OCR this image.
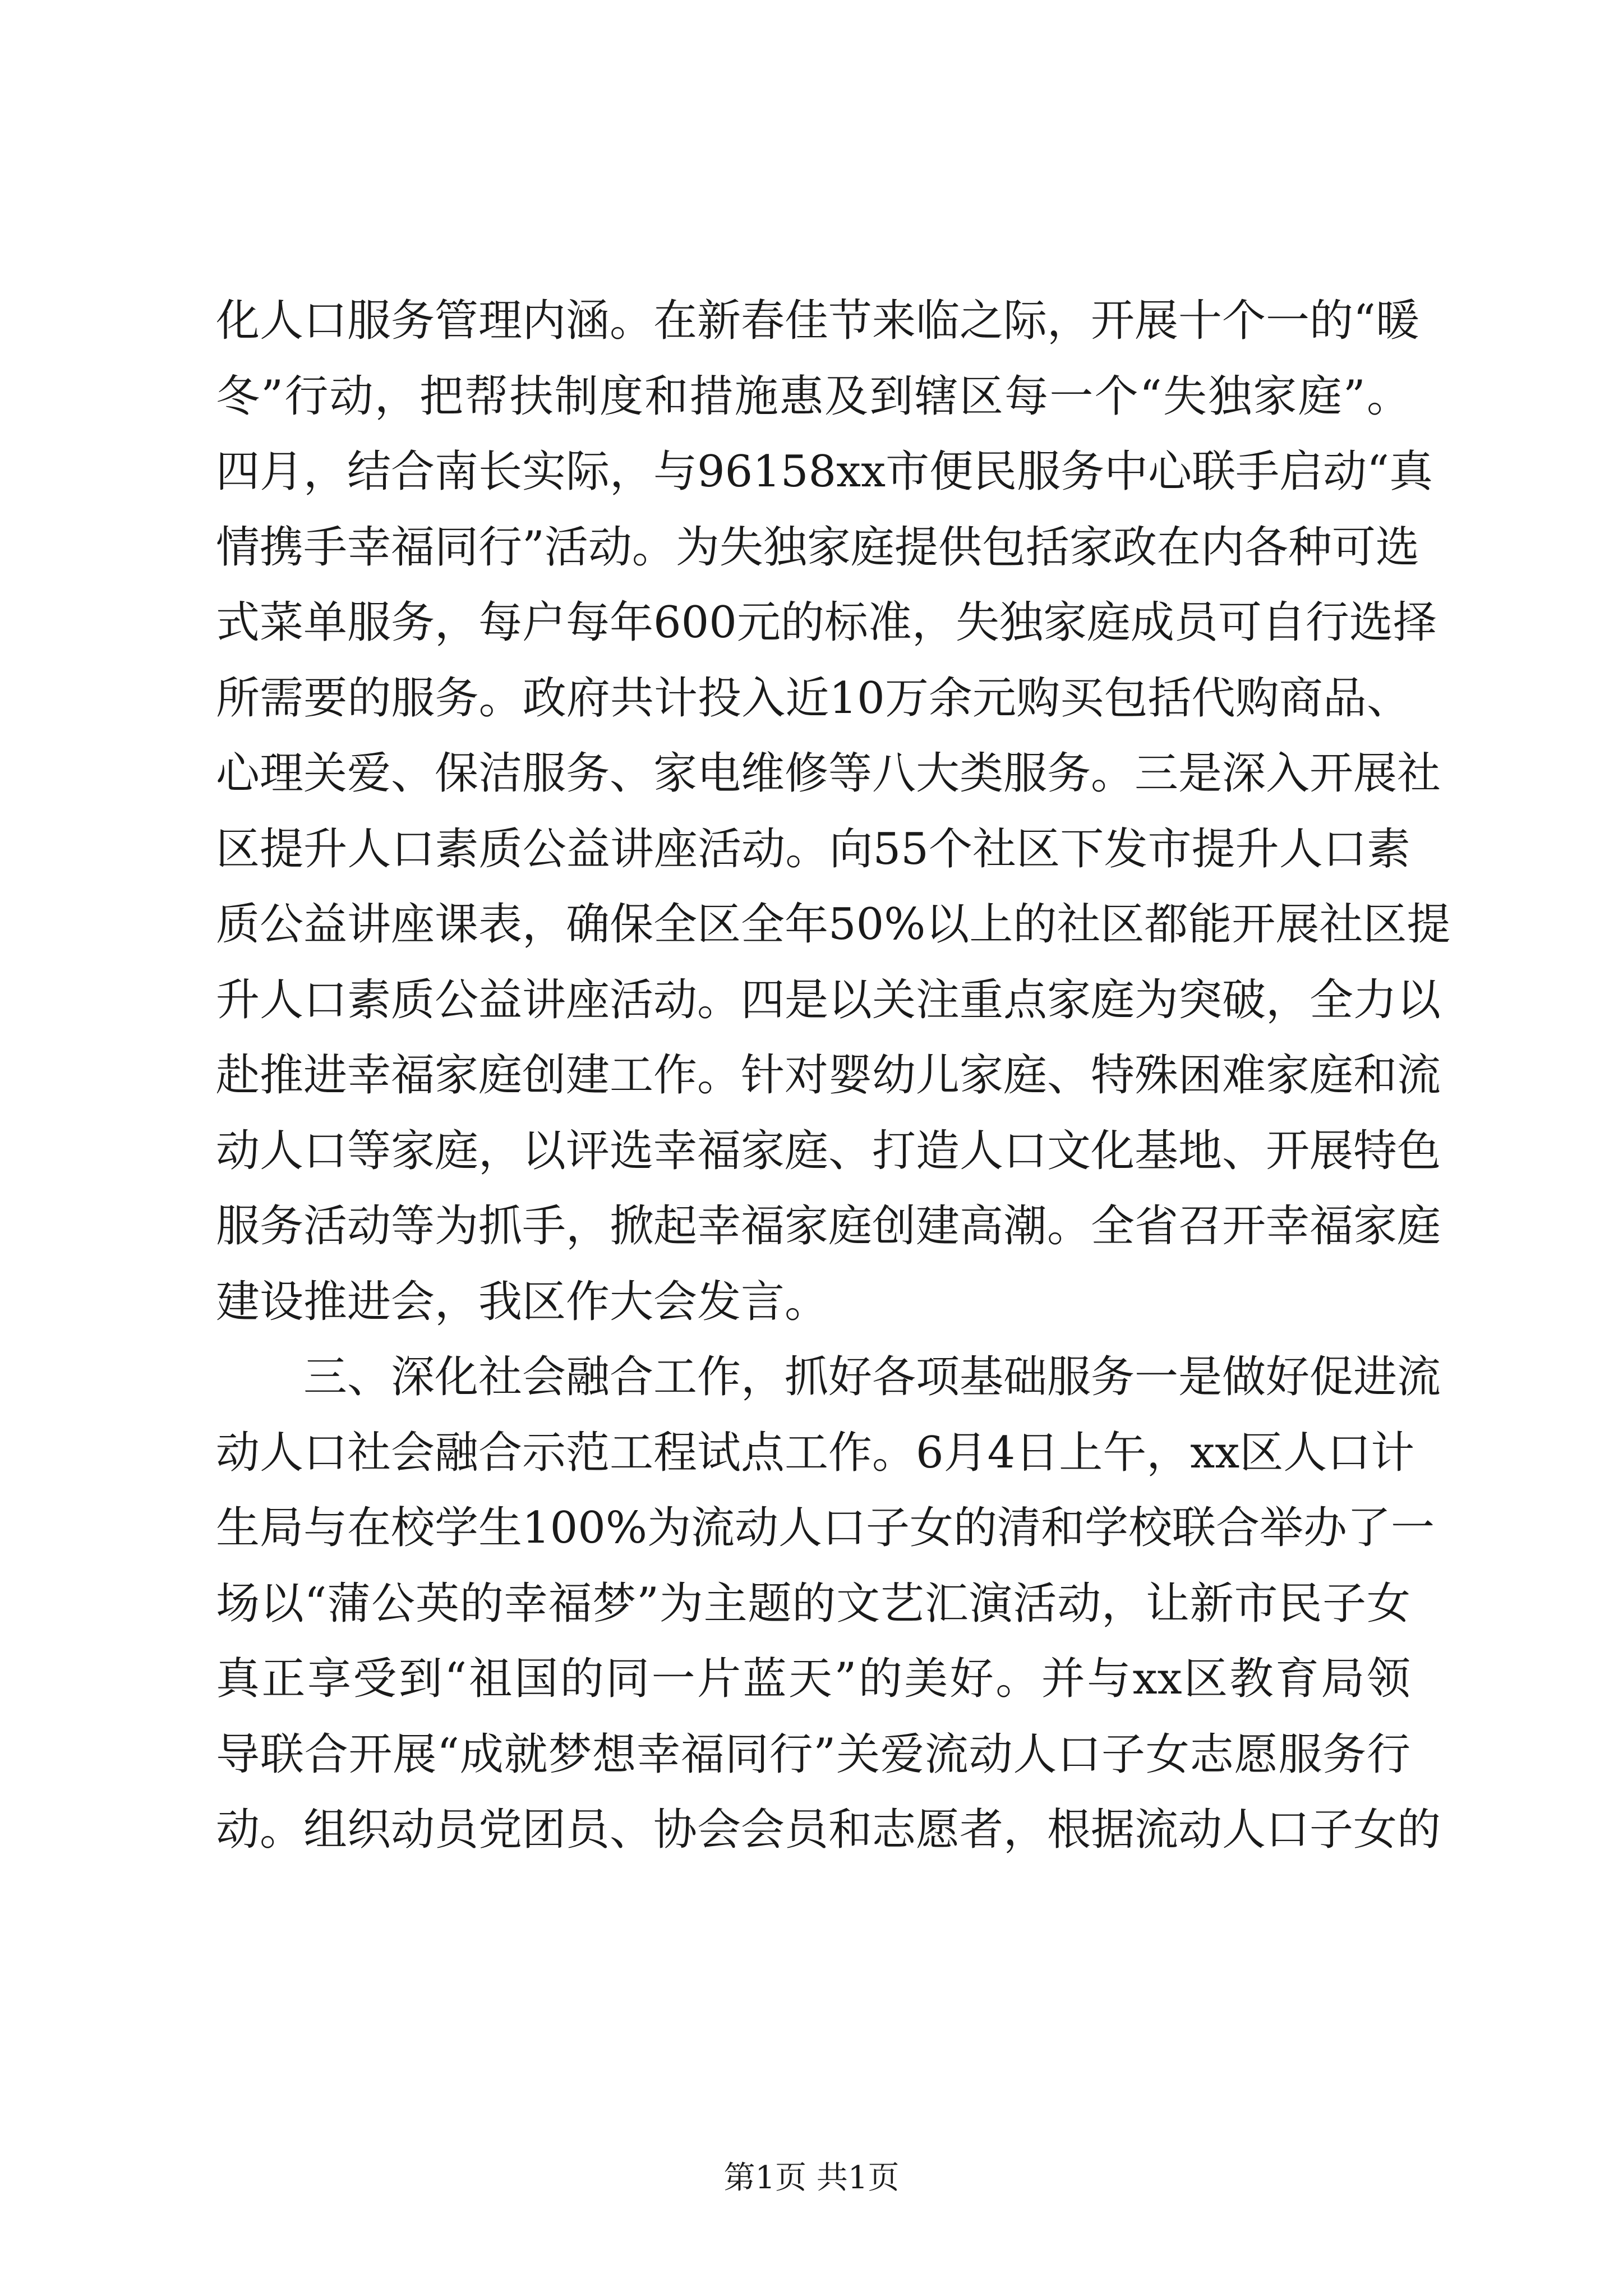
化人口服务管理内涵。在新春佳节来临之际，开展十个一的“暖
冬”行动，把帮扶制度和措施惠及到辖区每一个“失独家庭”。
四月，结合南长实际，与96158xx市便民服务中心联手启动“真
情携手幸福同行”活动。为失独家庭提供包括家政在内各种可选
式菜单服务，每户每年600元的标准，失独家庭成员可自行选择
所需要的服务。政府共计投入近10万余元购买包括代购商品、
心理关爱、保洁服务、家电维修等八大类服务。三是深入开展社
区提升人口素质公益讲座活动。向55个社区下发市提升人口素
质公益讲座课表，确保全区全年50%以上的社区都能开展社区提
升人口素质公益讲座活动。四是以关注重点家庭为突破，全力以
赴推进幸福家庭创建工作。针对婴幼儿家庭、特殊困难家庭和流
动人口等家庭，以评选幸福家庭、打造人口文化基地、开展特色
服务活动等为抓手，掀起幸福家庭创建高潮。全省召开幸福家庭
建设推进会，我区作大会发言。
三、深化社会融合工作，抓好各项基础服务一是做好促进流
动人口社会融合示范工程试点工作。6月4日上午，xx区人口计
生局与在校学生100%为流动人口子女的清和学校联合举办了一
场以“蒲公英的幸福梦”为主题的文艺汇演活动，让新市民子女
真正享受到“祖国的同一片蓝天”的美好。并与xx区教育局领
导联合开展“成就梦想幸福同行”关爱流动人口子女志愿服务行
动。组织动员党团员、协会会员和志愿者，根据流动人口子女的
第1页 共1页
